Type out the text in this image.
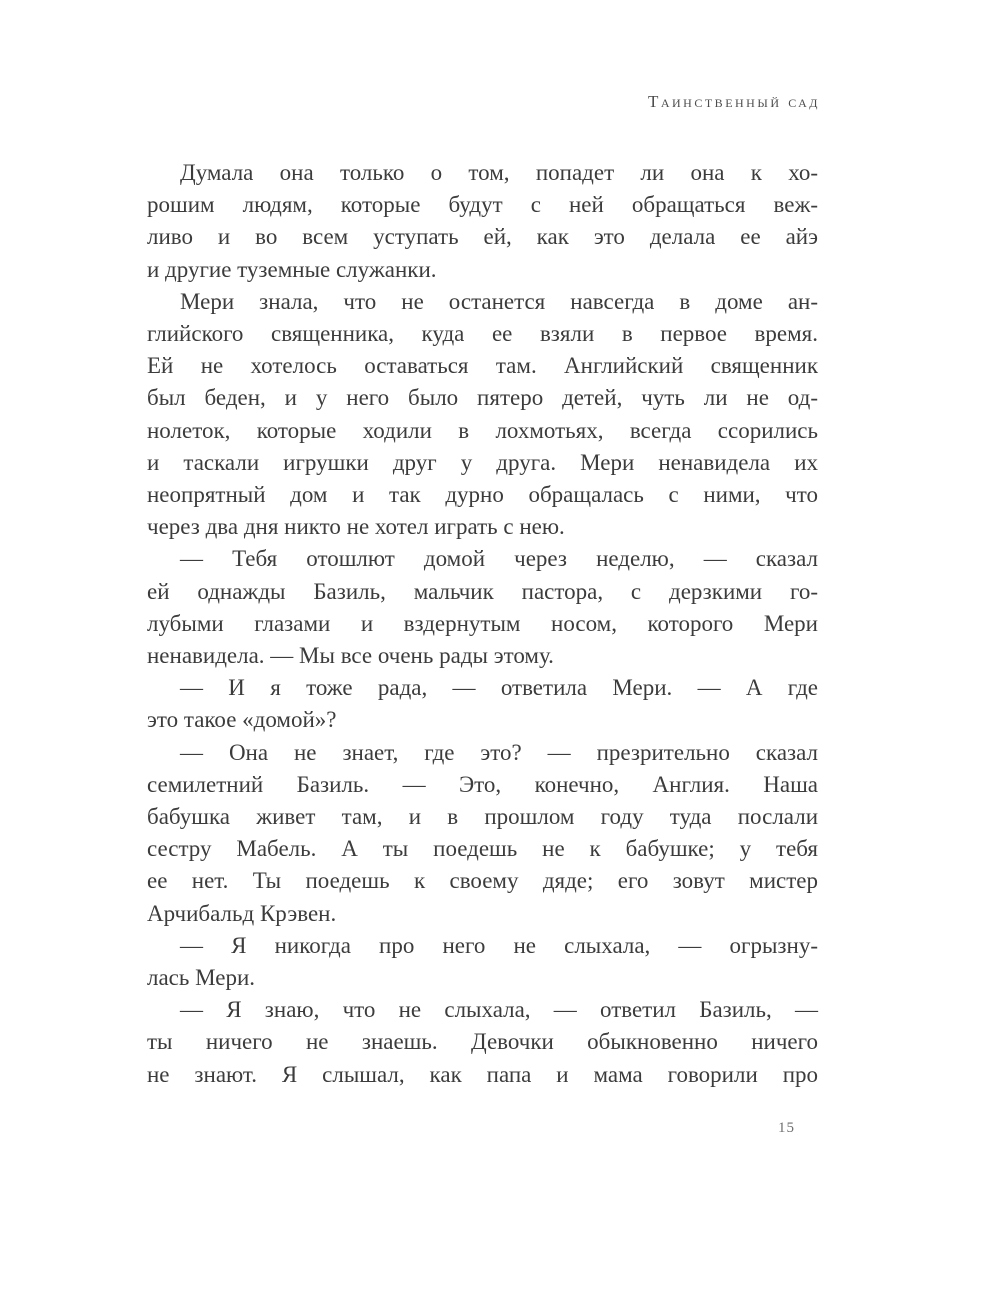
Таинственный сад
Думала она только о том, попадет ли она к хо-
рошим людям, которые будут с ней обращаться веж-
ливо и во всем уступать ей, как это делала ее айэ
и другие туземные служанки.
Мери знала, что не останется навсегда в доме ан-
глийского священника, куда ее взяли в первое время.
Ей не хотелось оставаться там. Английский священник
был беден, и у него было пятеро детей, чуть ли не од-
нолеток, которые ходили в лохмотьях, всегда ссорились
и таскали игрушки друг у друга. Мери ненавидела их
неопрятный дом и так дурно обращалась с ними, что
через два дня никто не хотел играть с нею.
— Тебя отошлют домой через неделю, — сказал
ей однажды Базиль, мальчик пастора, с дерзкими го-
лубыми глазами и вздернутым носом, которого Мери
ненавидела. — Мы все очень рады этому.
— И я тоже рада, — ответила Мери. — А где
это такое «домой»?
— Она не знает, где это? — презрительно сказал
семилетний Базиль. — Это, конечно, Англия. Наша
бабушка живет там, и в прошлом году туда послали
сестру Мабель. А ты поедешь не к бабушке; у тебя
ее нет. Ты поедешь к своему дяде; его зовут мистер
Арчибальд Крэвен.
— Я никогда про него не слыхала, — огрызну-
лась Мери.
— Я знаю, что не слыхала, — ответил Базиль, —
ты ничего не знаешь. Девочки обыкновенно ничего
не знают. Я слышал, как папа и мама говорили про
15
